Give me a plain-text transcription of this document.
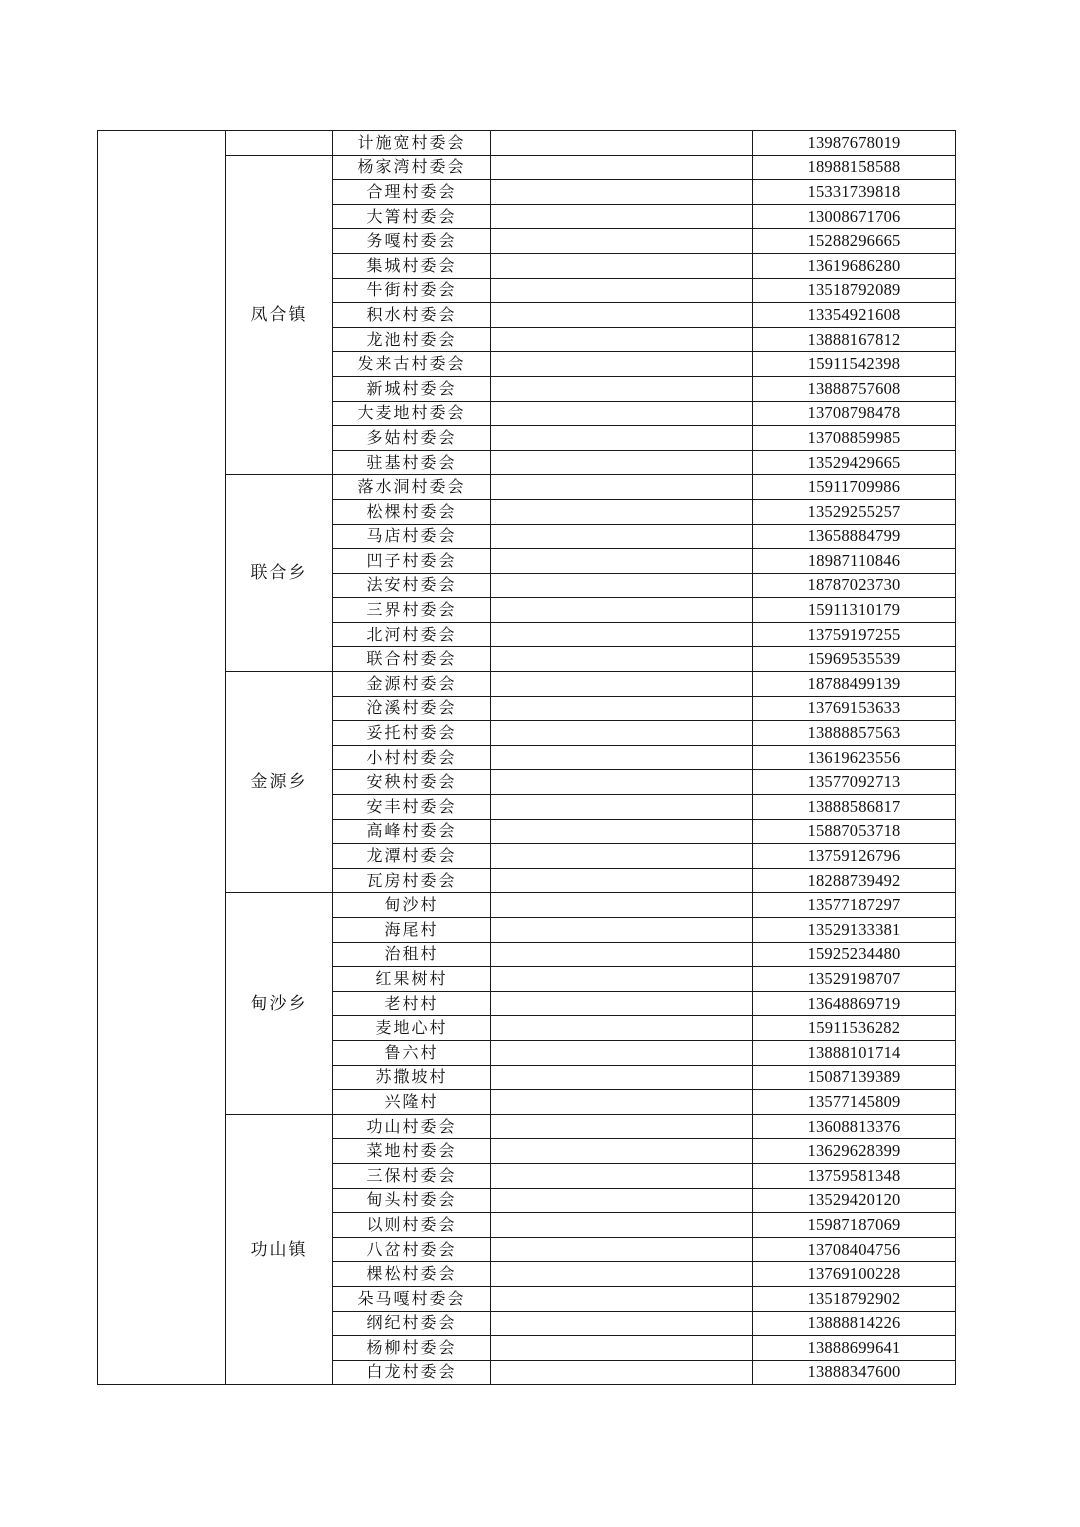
		计施宽村委会		13987678019
	凤合镇	杨家湾村委会		18988158588
		合理村委会		15331739818
		大箐村委会		13008671706
		务嘎村委会		15288296665
		集城村委会		13619686280
		牛街村委会		13518792089
		积水村委会		13354921608
		龙池村委会		13888167812
		发来古村委会		15911542398
		新城村委会		13888757608
		大麦地村委会		13708798478
		多姑村委会		13708859985
		驻基村委会		13529429665
	联合乡	落水洞村委会		15911709986
		松棵村委会		13529255257
		马店村委会		13658884799
		凹子村委会		18987110846
		法安村委会		18787023730
		三界村委会		15911310179
		北河村委会		13759197255
		联合村委会		15969535539
	金源乡	金源村委会		18788499139
		沧溪村委会		13769153633
		妥托村委会		13888857563
		小村村委会		13619623556
		安秧村委会		13577092713
		安丰村委会		13888586817
		高峰村委会		15887053718
		龙潭村委会		13759126796
		瓦房村委会		18288739492
	甸沙乡	甸沙村		13577187297
		海尾村		13529133381
		治租村		15925234480
		红果树村		13529198707
		老村村		13648869719
		麦地心村		15911536282
		鲁六村		13888101714
		苏撒坡村		15087139389
		兴隆村		13577145809
	功山镇	功山村委会		13608813376
		菜地村委会		13629628399
		三保村委会		13759581348
		甸头村委会		13529420120
		以则村委会		15987187069
		八岔村委会		13708404756
		棵松村委会		13769100228
		朵马嘎村委会		13518792902
		纲纪村委会		13888814226
		杨柳村委会		13888699641
		白龙村委会		13888347600
